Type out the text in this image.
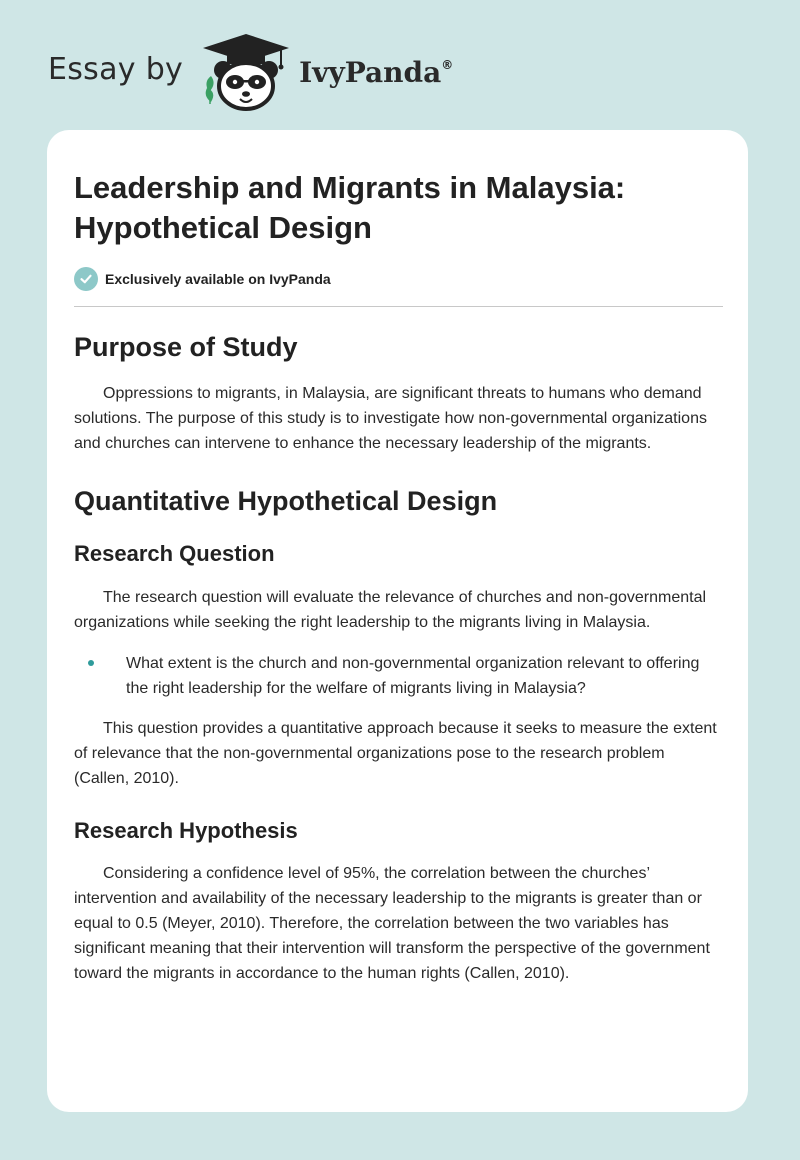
Essay by	IvyPanda®
Leadership and Migrants in Malaysia:
Hypothetical Design
Exclusively available on IvyPanda
Purpose of Study

Oppressions to migrants, in Malaysia, are significant threats to humans who demand solutions. The purpose of this study is to investigate how non-governmental organizations and churches can intervene to enhance the necessary leadership of the migrants.

Quantitative Hypothetical Design
Research Question

The research question will evaluate the relevance of churches and non-governmental organizations while seeking the right leadership to the migrants living in Malaysia.

What extent is the church and non-governmental organization relevant to offering the right leadership for the welfare of migrants living in Malaysia?

This question provides a quantitative approach because it seeks to measure the extent of relevance that the non-governmental organizations pose to the research problem (Callen, 2010).

Research Hypothesis

Considering a confidence level of 95%, the correlation between the churches’ intervention and availability of the necessary leadership to the migrants is greater than or equal to 0.5 (Meyer, 2010). Therefore, the correlation between the two variables has significant meaning that their intervention will transform the perspective of the government toward the migrants in accordance to the human rights (Callen, 2010).
